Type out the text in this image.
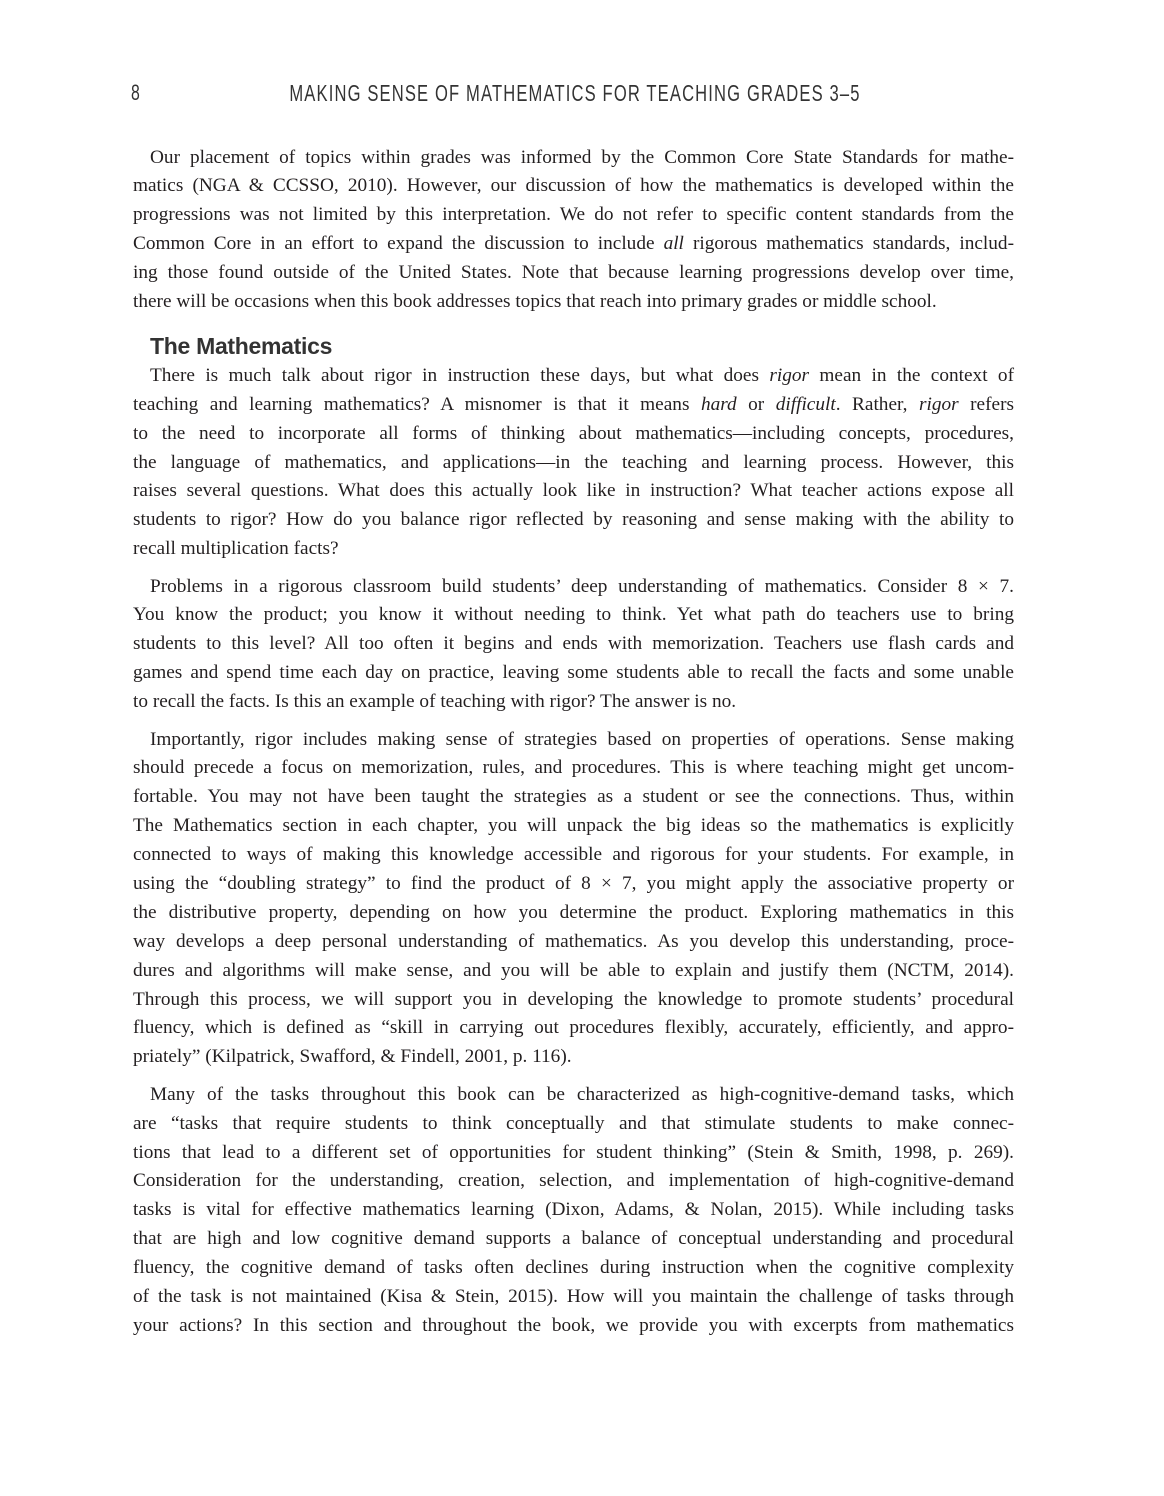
8	MAKING SENSE OF MATHEMATICS FOR TEACHING GRADES 3–5
Our placement of topics within grades was informed by the Common Core State Standards for mathe-
matics (NGA & CCSSO, 2010). However, our discussion of how the mathematics is developed within the
progressions was not limited by this interpretation. We do not refer to specific content standards from the
Common Core in an effort to expand the discussion to include all rigorous mathematics standards, includ-
ing those found outside of the United States. Note that because learning progressions develop over time,
there will be occasions when this book addresses topics that reach into primary grades or middle school.
The Mathematics
There is much talk about rigor in instruction these days, but what does rigor mean in the context of
teaching and learning mathematics? A misnomer is that it means hard or difficult. Rather, rigor refers
to the need to incorporate all forms of thinking about mathematics—including concepts, procedures,
the language of mathematics, and applications—in the teaching and learning process. However, this
raises several questions. What does this actually look like in instruction? What teacher actions expose all
students to rigor? How do you balance rigor reflected by reasoning and sense making with the ability to
recall multiplication facts?
Problems in a rigorous classroom build students’ deep understanding of mathematics. Consider 8 × 7.
You know the product; you know it without needing to think. Yet what path do teachers use to bring
students to this level? All too often it begins and ends with memorization. Teachers use flash cards and
games and spend time each day on practice, leaving some students able to recall the facts and some unable
to recall the facts. Is this an example of teaching with rigor? The answer is no.
Importantly, rigor includes making sense of strategies based on properties of operations. Sense making
should precede a focus on memorization, rules, and procedures. This is where teaching might get uncom-
fortable. You may not have been taught the strategies as a student or see the connections. Thus, within
The Mathematics section in each chapter, you will unpack the big ideas so the mathematics is explicitly
connected to ways of making this knowledge accessible and rigorous for your students. For example, in
using the “doubling strategy” to find the product of 8 × 7, you might apply the associative property or
the distributive property, depending on how you determine the product. Exploring mathematics in this
way develops a deep personal understanding of mathematics. As you develop this understanding, proce-
dures and algorithms will make sense, and you will be able to explain and justify them (NCTM, 2014).
Through this process, we will support you in developing the knowledge to promote students’ procedural
fluency, which is defined as “skill in carrying out procedures flexibly, accurately, efficiently, and appro-
priately” (Kilpatrick, Swafford, & Findell, 2001, p. 116).
Many of the tasks throughout this book can be characterized as high-cognitive-demand tasks, which
are “tasks that require students to think conceptually and that stimulate students to make connec-
tions that lead to a different set of opportunities for student thinking” (Stein & Smith, 1998, p. 269).
Consideration for the understanding, creation, selection, and implementation of high-cognitive-demand
tasks is vital for effective mathematics learning (Dixon, Adams, & Nolan, 2015). While including tasks
that are high and low cognitive demand supports a balance of conceptual understanding and procedural
fluency, the cognitive demand of tasks often declines during instruction when the cognitive complexity
of the task is not maintained (Kisa & Stein, 2015). How will you maintain the challenge of tasks through
your actions? In this section and throughout the book, we provide you with excerpts from mathematics
